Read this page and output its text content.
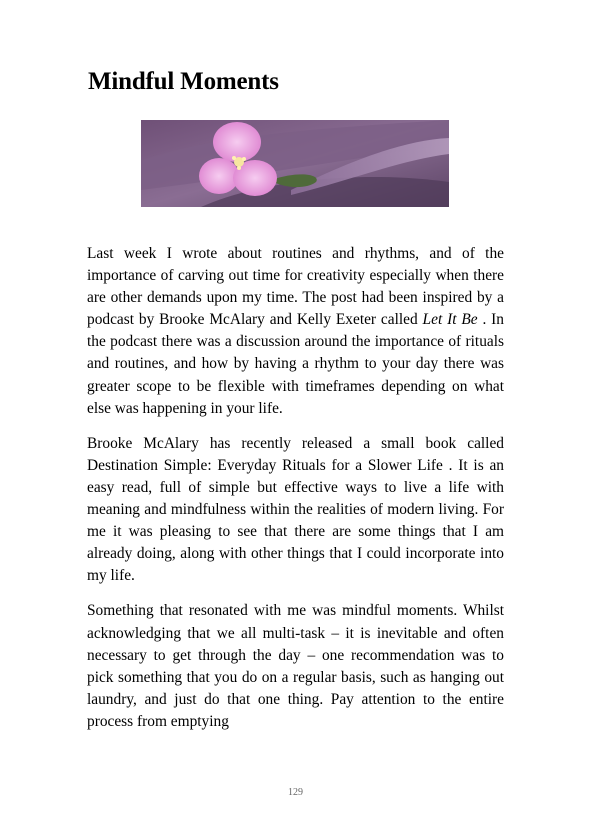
Mindful Moments

Last week I wrote about routines and rhythms, and of the importance of carving out time for creativity especially when there are other demands upon my time. The post had been inspired by a podcast by Brooke McAlary and Kelly Exeter called Let It Be . In the podcast there was a discussion around the importance of rituals and routines, and how by having a rhythm to your day there was greater scope to be flexible with timeframes depending on what else was happening in your life.

Brooke McAlary has recently released a small book called Destination Simple: Everyday Rituals for a Slower Life . It is an easy read, full of simple but effective ways to live a life with meaning and mindfulness within the realities of modern living. For me it was pleasing to see that there are some things that I am already doing, along with other things that I could incorporate into my life.

Something that resonated with me was mindful moments. Whilst acknowledging that we all multi-task – it is inevitable and often necessary to get through the day – one recommendation was to pick something that you do on a regular basis, such as hanging out laundry, and just do that one thing. Pay attention to the entire process from emptying

129
